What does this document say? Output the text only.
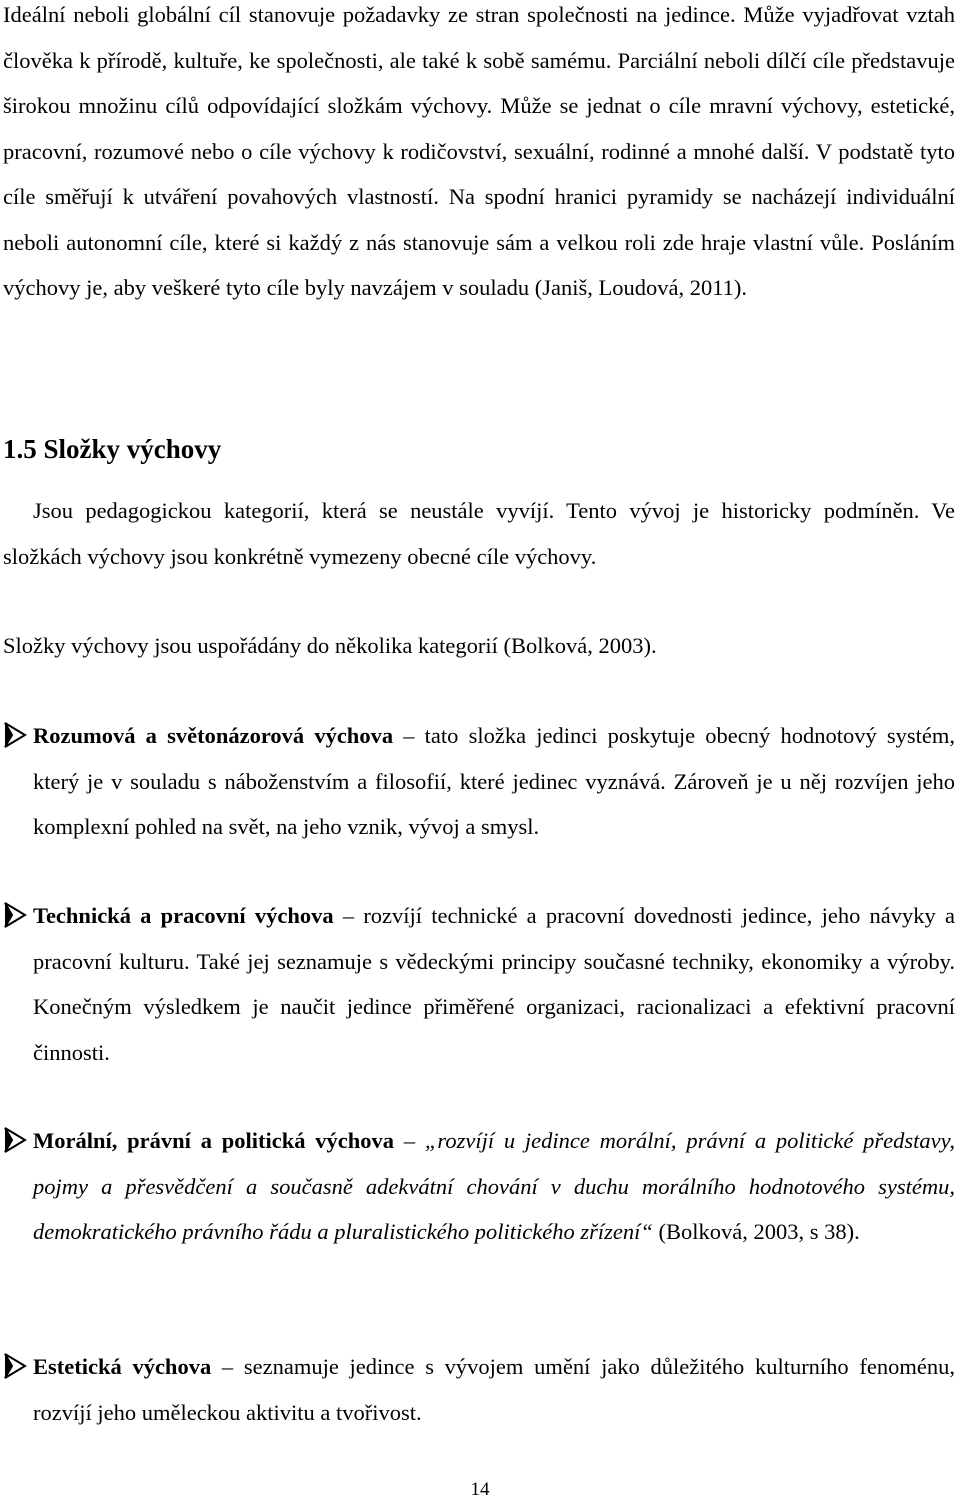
Ideální neboli globální cíl stanovuje požadavky ze stran společnosti na jedince. Může vyjadřovat vztah člověka k přírodě, kultuře, ke společnosti, ale také k sobě samému. Parciální neboli dílčí cíle představuje širokou množinu cílů odpovídající složkám výchovy. Může se jednat o cíle mravní výchovy, estetické, pracovní, rozumové nebo o cíle výchovy k rodičovství, sexuální, rodinné a mnohé další. V podstatě tyto cíle směřují k utváření povahových vlastností. Na spodní hranici pyramidy se nacházejí individuální neboli autonomní cíle, které si každý z nás stanovuje sám a velkou roli zde hraje vlastní vůle. Posláním výchovy je, aby veškeré tyto cíle byly navzájem v souladu (Janiš, Loudová, 2011).

1.5 Složky výchovy

Jsou pedagogickou kategorií, která se neustále vyvíjí. Tento vývoj je historicky podmíněn. Ve složkách výchovy jsou konkrétně vymezeny obecné cíle výchovy.

Složky výchovy jsou uspořádány do několika kategorií (Bolková, 2003).

Rozumová a světonázorová výchova – tato složka jedinci poskytuje obecný hodnotový systém, který je v souladu s náboženstvím a filosofií, které jedinec vyznává. Zároveň je u něj rozvíjen jeho komplexní pohled na svět, na jeho vznik, vývoj a smysl.

Technická a pracovní výchova – rozvíjí technické a pracovní dovednosti jedince, jeho návyky a pracovní kulturu. Také jej seznamuje s vědeckými principy současné techniky, ekonomiky a výroby. Konečným výsledkem je naučit jedince přiměřené organizaci, racionalizaci a efektivní pracovní činnosti.

Morální, právní a politická výchova – „rozvíjí u jedince morální, právní a politické představy, pojmy a přesvědčení a současně adekvátní chování v duchu morálního hodnotového systému, demokratického právního řádu a pluralistického politického zřízení“ (Bolková, 2003, s 38).

Estetická výchova – seznamuje jedince s vývojem umění jako důležitého kulturního fenoménu, rozvíjí jeho uměleckou aktivitu a tvořivost.

14
